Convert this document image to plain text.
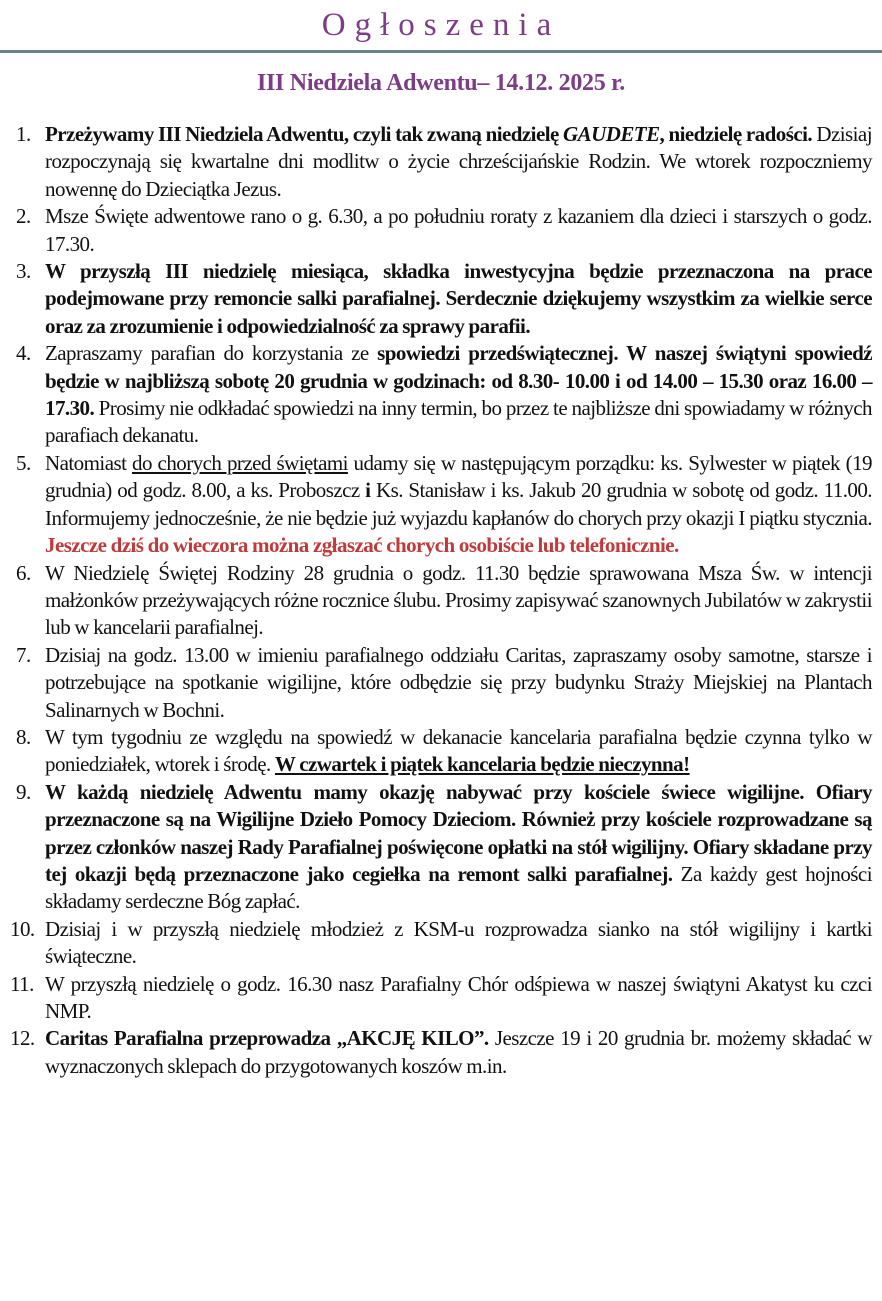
Ogłoszenia
III Niedziela Adwentu– 14.12. 2025 r.
1. Przeżywamy III Niedziela Adwentu, czyli tak zwaną niedzielę GAUDETE, niedzielę radości. Dzisiaj rozpoczynają się kwartalne dni modlitw o życie chrześcijańskie Rodzin. We wtorek rozpoczniemy nowennę do Dzieciątka Jezus.
2. Msze Święte adwentowe rano o g. 6.30, a po południu roraty z kazaniem dla dzieci i starszych o godz. 17.30.
3. W przyszłą III niedzielę miesiąca, składka inwestycyjna będzie przeznaczona na prace podejmowane przy remoncie salki parafialnej. Serdecznie dziękujemy wszystkim za wielkie serce oraz za zrozumienie i odpowiedzialność za sprawy parafii.
4. Zapraszamy parafian do korzystania ze spowiedzi przedświątecznej. W naszej świątyni spowiedź będzie w najbliższą sobotę 20 grudnia w godzinach: od 8.30- 10.00 i od 14.00 – 15.30 oraz 16.00 – 17.30. Prosimy nie odkładać spowiedzi na inny termin, bo przez te najbliższe dni spowiadamy w różnych parafiach dekanatu.
5. Natomiast do chorych przed świętami udamy się w następującym porządku: ks. Sylwester w piątek (19 grudnia) od godz. 8.00, a ks. Proboszcz i Ks. Stanisław i ks. Jakub 20 grudnia w sobotę od godz. 11.00. Informujemy jednocześnie, że nie będzie już wyjazdu kapłanów do chorych przy okazji I piątku stycznia. Jeszcze dziś do wieczora można zgłaszać chorych osobiście lub telefonicznie.
6. W Niedzielę Świętej Rodziny 28 grudnia o godz. 11.30 będzie sprawowana Msza Św. w intencji małżonków przeżywających różne rocznice ślubu. Prosimy zapisywać szanownych Jubilatów w zakrystii lub w kancelarii parafialnej.
7. Dzisiaj na godz. 13.00 w imieniu parafialnego oddziału Caritas, zapraszamy osoby samotne, starsze i potrzebujące na spotkanie wigilijne, które odbędzie się przy budynku Straży Miejskiej na Plantach Salinarnych w Bochni.
8. W tym tygodniu ze względu na spowiedź w dekanacie kancelaria parafialna będzie czynna tylko w poniedziałek, wtorek i środę. W czwartek i piątek kancelaria będzie nieczynna!
9. W każdą niedzielę Adwentu mamy okazję nabywać przy kościele świece wigilijne. Ofiary przeznaczone są na Wigilijne Dzieło Pomocy Dzieciom. Również przy kościele rozprowadzane są przez członków naszej Rady Parafialnej poświęcone opłatki na stół wigilijny. Ofiary składane przy tej okazji będą przeznaczone jako cegiełka na remont salki parafialnej. Za każdy gest hojności składamy serdeczne Bóg zapłać.
10. Dzisiaj i w przyszłą niedzielę młodzież z KSM-u rozprowadza sianko na stół wigilijny i kartki świąteczne.
11. W przyszłą niedzielę o godz. 16.30 nasz Parafialny Chór odśpiewa w naszej świątyni Akatyst ku czci NMP.
12. Caritas Parafialna przeprowadza „AKCJĘ KILO”. Jeszcze 19 i 20 grudnia br. możemy składać w wyznaczonych sklepach do przygotowanych koszów m.in.
